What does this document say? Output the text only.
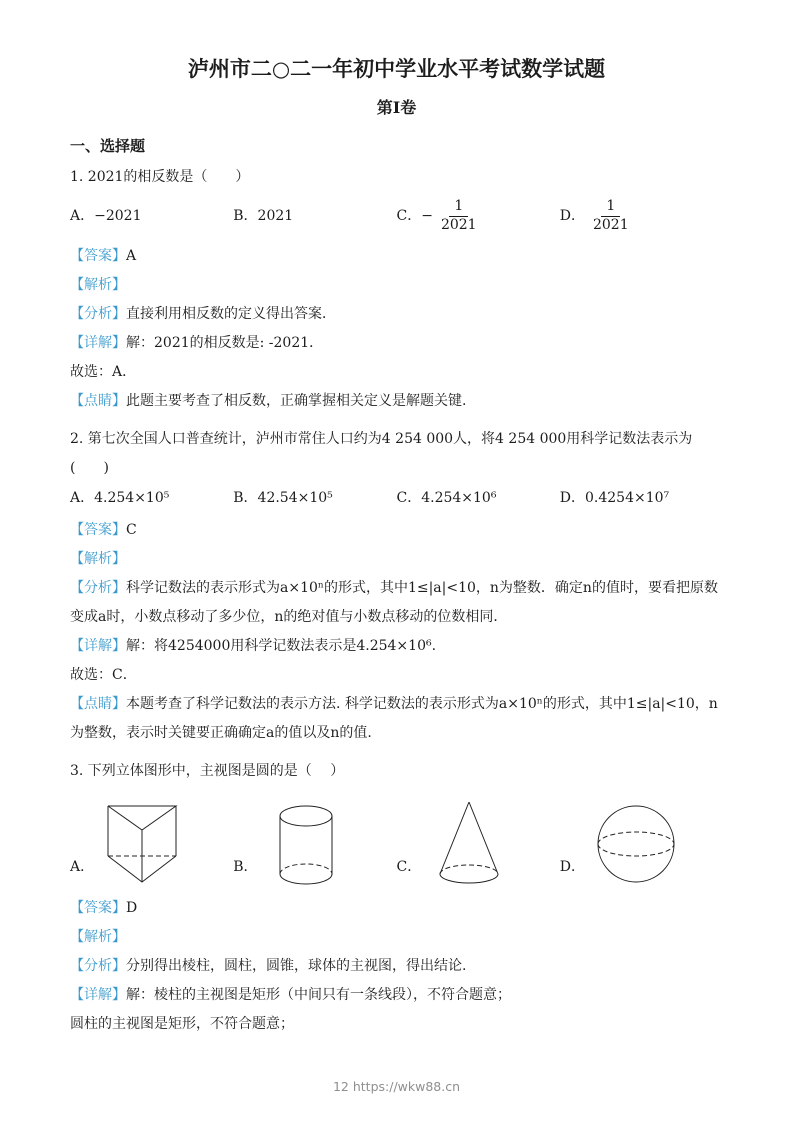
泸州市二○二一年初中学业水平考试数学试题
第I卷
一、选择题

1. 2021的相反数是（　　）

A． −2021	B． 2021	C． − $\frac{1}{2021}$	D． $\frac{1}{2021}$

【答案】A

【解析】

【分析】直接利用相反数的定义得出答案．

【详解】解：2021的相反数是: -2021．

故选：A．

【点睛】此题主要考查了相反数，正确掌握相关定义是解题关键.

2. 第七次全国人口普查统计，泸州市常住人口约为4 254 000人，将4 254 000用科学记数法表示为(　　)

A． 4.254×10⁵	B． 42.54×10⁵	C． 4.254×10⁶	D． 0.4254×10⁷

【答案】C

【解析】

【分析】科学记数法的表示形式为a×10ⁿ的形式，其中1≤|a|<10，n为整数．确定n的值时，要看把原数变成a时，小数点移动了多少位，n的绝对值与小数点移动的位数相同．

【详解】解：将4254000用科学记数法表示是4.254×10⁶.

故选：C．

【点睛】本题考查了科学记数法的表示方法. 科学记数法的表示形式为a×10ⁿ的形式，其中1≤|a|<10，n为整数，表示时关键要正确确定a的值以及n的值.

3. 下列立体图形中，主视图是圆的是（　 ）

A．	B．	C．	D．

【答案】D

【解析】

【分析】分别得出棱柱，圆柱，圆锥，球体的主视图，得出结论.

【详解】解：棱柱的主视图是矩形（中间只有一条线段），不符合题意；

圆柱的主视图是矩形，不符合题意；

12 https://wkw88.cn
